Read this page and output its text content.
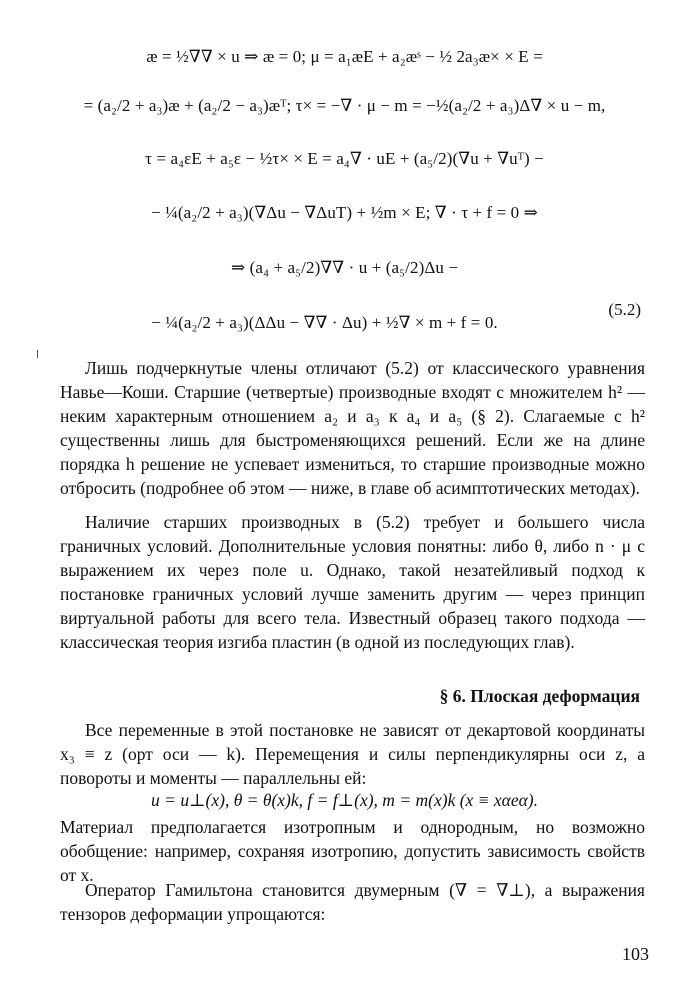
æ = ½∇∇ × u ⇒ æ = 0; μ = a₁æE + a₂æˢ − ½ 2a₃æ× × E =
= (a₂/2 + a₃)æ + (a₂/2 − a₃)æᵀ; τ× = −∇ · μ − m = −½(a₂/2 + a₃)Δ∇ × u − m,
τ = a₄εE + a₅ε − ½τ× × E = a₄∇ · uE + (a₅/2)(∇u + ∇uᵀ) −
− ¼(a₂/2 + a₃)(∇Δu − ∇ΔuT) + ½m × E; ∇ · τ + f = 0 ⇒
⇒ (a₄ + a₅/2)∇∇ · u + (a₅/2)Δu −
− ¼(a₂/2 + a₃)(ΔΔu − ∇∇ · Δu) + ½∇ × m + f = 0.
(5.2)
Лишь подчеркнутые члены отличают (5.2) от классического уравнения Навье—Коши. Старшие (четвертые) производные входят с множителем h² — неким характерным отношением a₂ и a₃ к a₄ и a₅ (§ 2). Слагаемые с h² существенны лишь для быстроменяющихся решений. Если же на длине порядка h решение не успевает измениться, то старшие производные можно отбросить (подробнее об этом — ниже, в главе об асимптотических методах).
Наличие старших производных в (5.2) требует и большего числа граничных условий. Дополнительные условия понятны: либо θ, либо n · μ с выражением их через поле u. Однако, такой незатейливый подход к постановке граничных условий лучше заменить другим — через принцип виртуальной работы для всего тела. Известный образец такого подхода — классическая теория изгиба пластин (в одной из последующих глав).
§ 6. Плоская деформация
Все переменные в этой постановке не зависят от декартовой координаты x₃ ≡ z (орт оси — k). Перемещения и силы перпендикулярны оси z, а повороты и моменты — параллельны ей:
u = u⊥(x), θ = θ(x)k, f = f⊥(x), m = m(x)k (x ≡ xαeα).
Материал предполагается изотропным и однородным, но возможно обобщение: например, сохраняя изотропию, допустить зависимость свойств от x.
Оператор Гамильтона становится двумерным (∇ = ∇⊥), а выражения тензоров деформации упрощаются:
103
